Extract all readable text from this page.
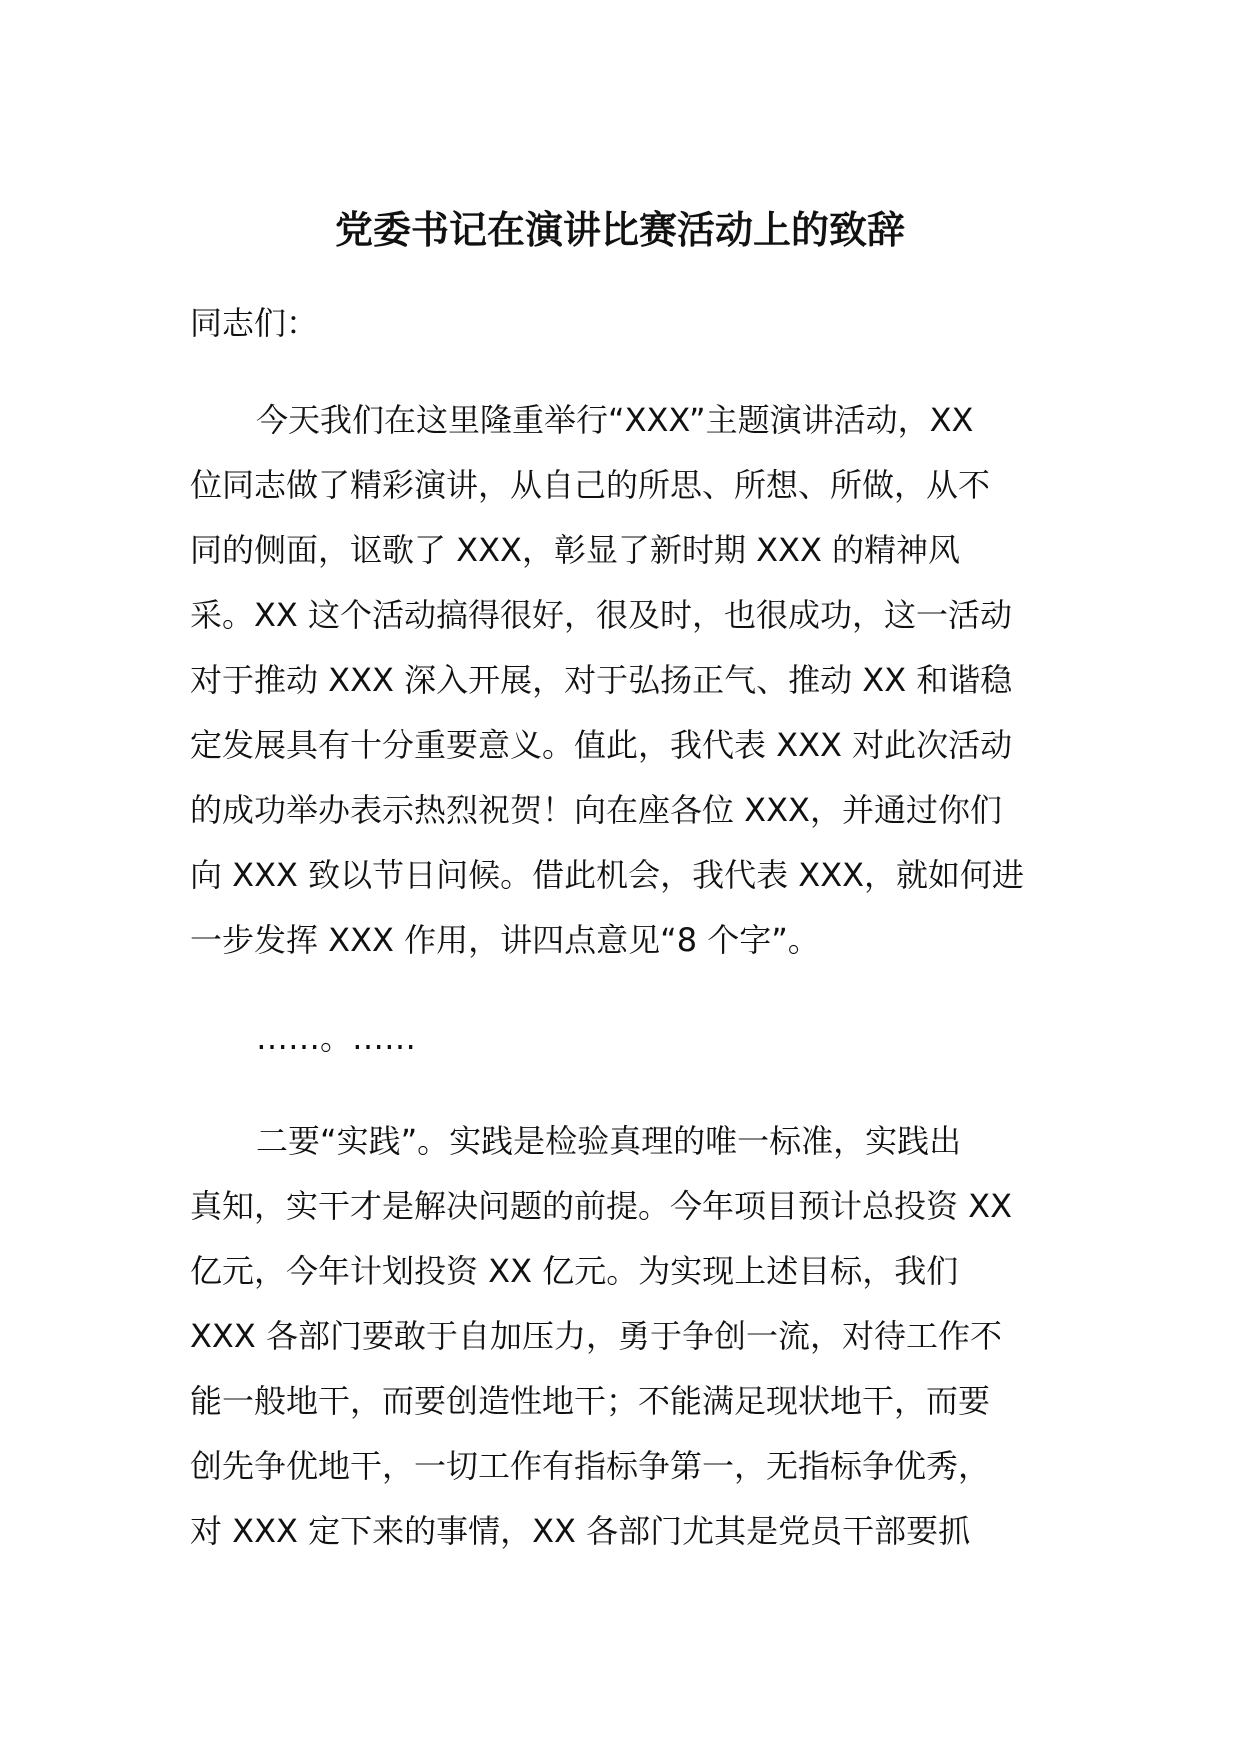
党委书记在演讲比赛活动上的致辞
同志们：
今天我们在这里隆重举行“XXX”主题演讲活动，XX
位同志做了精彩演讲，从自己的所思、所想、所做，从不
同的侧面，讴歌了 XXX，彰显了新时期 XXX 的精神风
采。XX 这个活动搞得很好，很及时，也很成功，这一活动
对于推动 XXX 深入开展，对于弘扬正气、推动 XX 和谐稳
定发展具有十分重要意义。值此，我代表 XXX 对此次活动
的成功举办表示热烈祝贺！向在座各位 XXX，并通过你们
向 XXX 致以节日问候。借此机会，我代表 XXX，就如何进
一步发挥 XXX 作用，讲四点意见“8 个字”。
……。……
二要“实践”。实践是检验真理的唯一标准，实践出
真知，实干才是解决问题的前提。今年项目预计总投资 XX
亿元，今年计划投资 XX 亿元。为实现上述目标，我们
XXX 各部门要敢于自加压力，勇于争创一流，对待工作不
能一般地干，而要创造性地干；不能满足现状地干，而要
创先争优地干，一切工作有指标争第一，无指标争优秀，
对 XXX 定下来的事情，XX 各部门尤其是党员干部要抓
